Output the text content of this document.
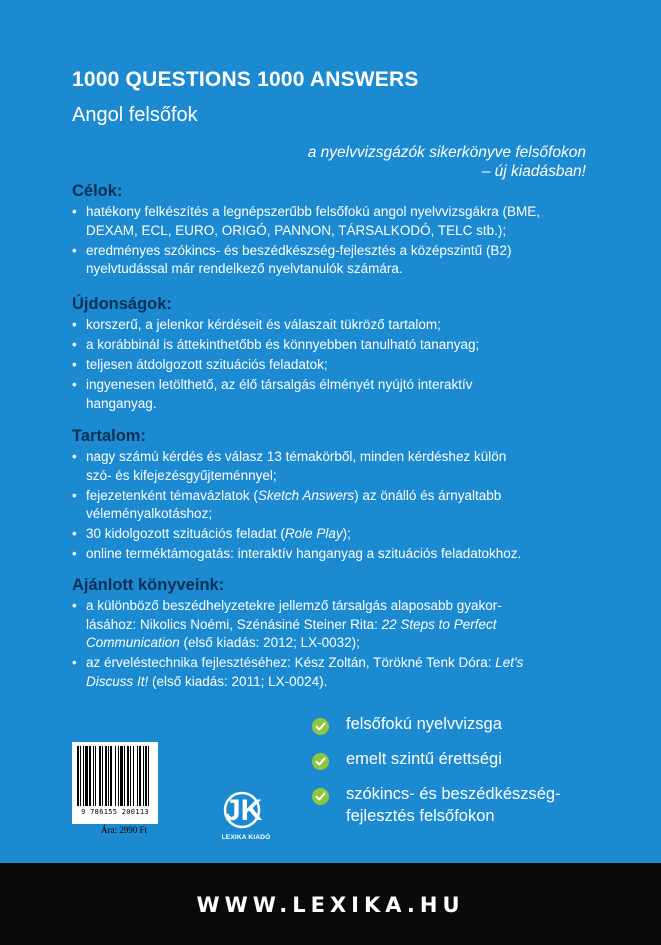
1000 QUESTIONS 1000 ANSWERS
Angol felsőfok
a nyelvvizsgázók sikerkönyve felsőfokon
– új kiadásban!
Célok:
• hatékony felkészítés a legnépszerűbb felsőfokú angol nyelvvizsgákra (BME,
DEXAM, ECL, EURO, ORIGÓ, PANNON, TÁRSALKODÓ, TELC stb.);
• eredményes szókincs- és beszédkészség-fejlesztés a középszintű (B2)
nyelvtudással már rendelkező nyelvtanulók számára.
Újdonságok:
• korszerű, a jelenkor kérdéseit és válaszait tükröző tartalom;
• a korábbinál is áttekinthetőbb és könnyebben tanulható tananyag;
• teljesen átdolgozott szituációs feladatok;
• ingyenesen letölthető, az élő társalgás élményét nyújtó interaktív
hanganyag.
Tartalom:
• nagy számú kérdés és válasz 13 témakörből, minden kérdéshez külön
szó- és kifejezésgyűjteménnyel;
• fejezetenként témavázlatok (Sketch Answers) az önálló és árnyaltabb
véleményalkotáshoz;
• 30 kidolgozott szituációs feladat (Role Play);
• online terméktámogatás: interaktív hanganyag a szituációs feladatokhoz.
Ajánlott könyveink:
• a különböző beszédhelyzetekre jellemző társalgás alaposabb gyakor-
lásához: Nikolics Noémi, Szénásiné Steiner Rita: 22 Steps to Perfect
Communication (első kiadás: 2012; LX-0032);
• az érveléstechnika fejlesztéséhez: Kész Zoltán, Törökné Tenk Dóra: Let's
Discuss It! (első kiadás: 2011; LX-0024).
felsőfokú nyelvvizsga
emelt szintű érettségi
szókincs- és beszédkészség-
fejlesztés felsőfokon
9 786155 200113
Ára: 2990 Ft
JK
LEXIKA KIADÓ
WWW.LEXIKA.HU
